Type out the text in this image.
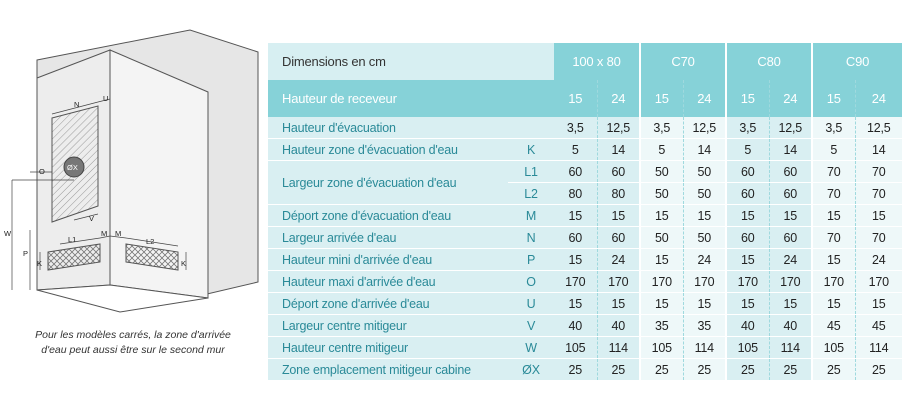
N
U
ØX
O
V
W
P
L1
M M
L2
K	K
Pour les modèles carrés, la zone d'arrivée
d'eau peut aussi être sur le second mur
Dimensions en cm		100 x 80		C70		C80		C90	
Hauteur de receveur		15	24	15	24	15	24	15	24
Hauteur d'évacuation		3,5	12,5	3,5	12,5	3,5	12,5	3,5	12,5
Hauteur zone d'évacuation d'eau	K	5	14	5	14	5	14	5	14
Largeur zone d'évacuation d'eau	L1	60	60	50	50	60	60	70	70
	L2	80	80	50	50	60	60	70	70
Déport zone d'évacuation d'eau	M	15	15	15	15	15	15	15	15
Largeur arrivée d'eau	N	60	60	50	50	60	60	70	70
Hauteur mini d'arrivée d'eau	P	15	24	15	24	15	24	15	24
Hauteur maxi d'arrivée d'eau	O	170	170	170	170	170	170	170	170
Déport zone d'arrivée d'eau	U	15	15	15	15	15	15	15	15
Largeur centre mitigeur	V	40	40	35	35	40	40	45	45
Hauteur centre mitigeur	W	105	114	105	114	105	114	105	114
Zone emplacement mitigeur cabine	ØX	25	25	25	25	25	25	25	25
